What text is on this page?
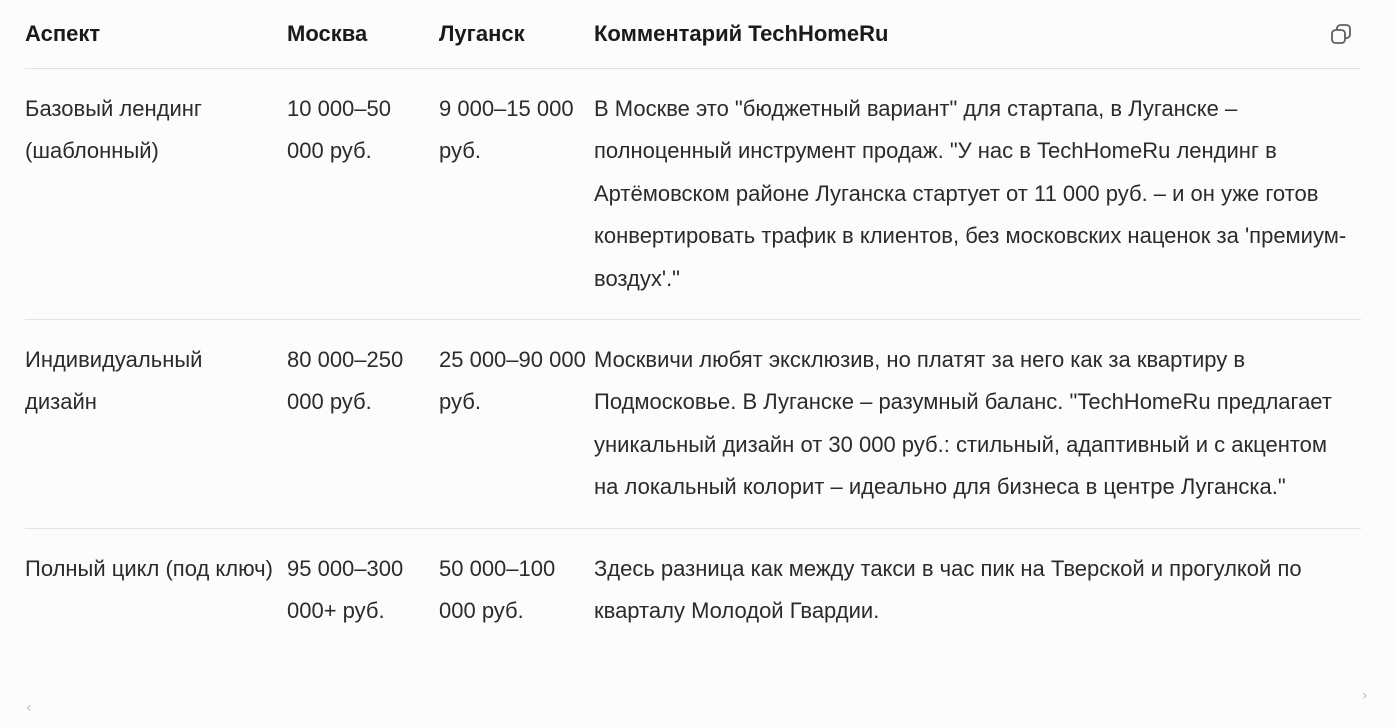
Аспект	Москва	Луганск	Комментарий TechHomeRu
Базовый лендинг (шаблонный)	10 000–50 000 руб.	9 000–15 000 руб.	В Москве это "бюджетный вариант" для стартапа, в Луганске – полноценный инструмент продаж. "У нас в TechHomeRu лендинг в Артёмовском районе Луганска стартует от 11 000 руб. – и он уже готов конвертировать трафик в клиентов, без московских наценок за 'премиум-воздух'."
Индивидуальный дизайн	80 000–250 000 руб.	25 000–90 000 руб.	Москвичи любят эксклюзив, но платят за него как за квартиру в Подмосковье. В Луганске – разумный баланс. "TechHomeRu предлагает уникальный дизайн от 30 000 руб.: стильный, адаптивный и с акцентом на локальный колорит – идеально для бизнеса в центре Луганска."
Полный цикл (под ключ)	95 000–300 000+ руб.	50 000–100 000 руб.	Здесь разница как между такси в час пик на Тверской и прогулкой по кварталу Молодой Гвардии.
‹
›
